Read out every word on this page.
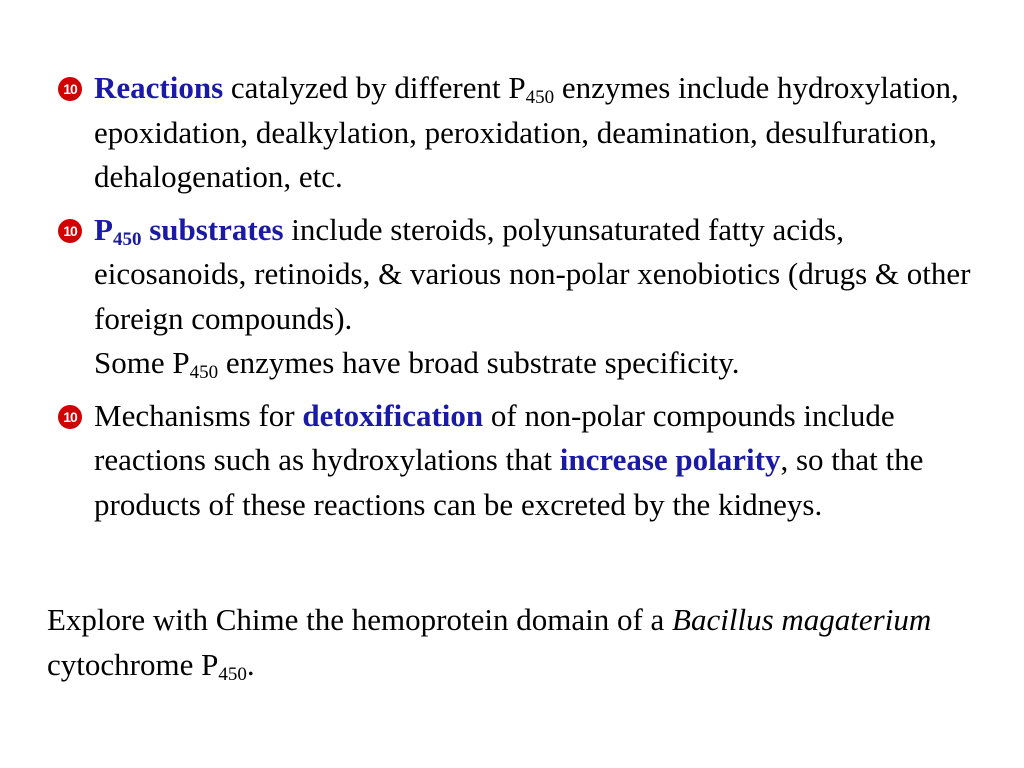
10 Reactions catalyzed by different $P_{450}$ enzymes include hydroxylation, epoxidation, dealkylation, peroxidation, deamination, desulfuration, dehalogenation, etc.
10 $P_{450}$ substrates include steroids, polyunsaturated fatty acids, eicosanoids, retinoids, & various non-polar xenobiotics (drugs & other foreign compounds).
Some $P_{450}$ enzymes have broad substrate specificity.
10 Mechanisms for detoxification of non-polar compounds include reactions such as hydroxylations that increase polarity, so that the products of these reactions can be excreted by the kidneys.
Explore with Chime the hemoprotein domain of a Bacillus magaterium cytochrome $P_{450}$.
